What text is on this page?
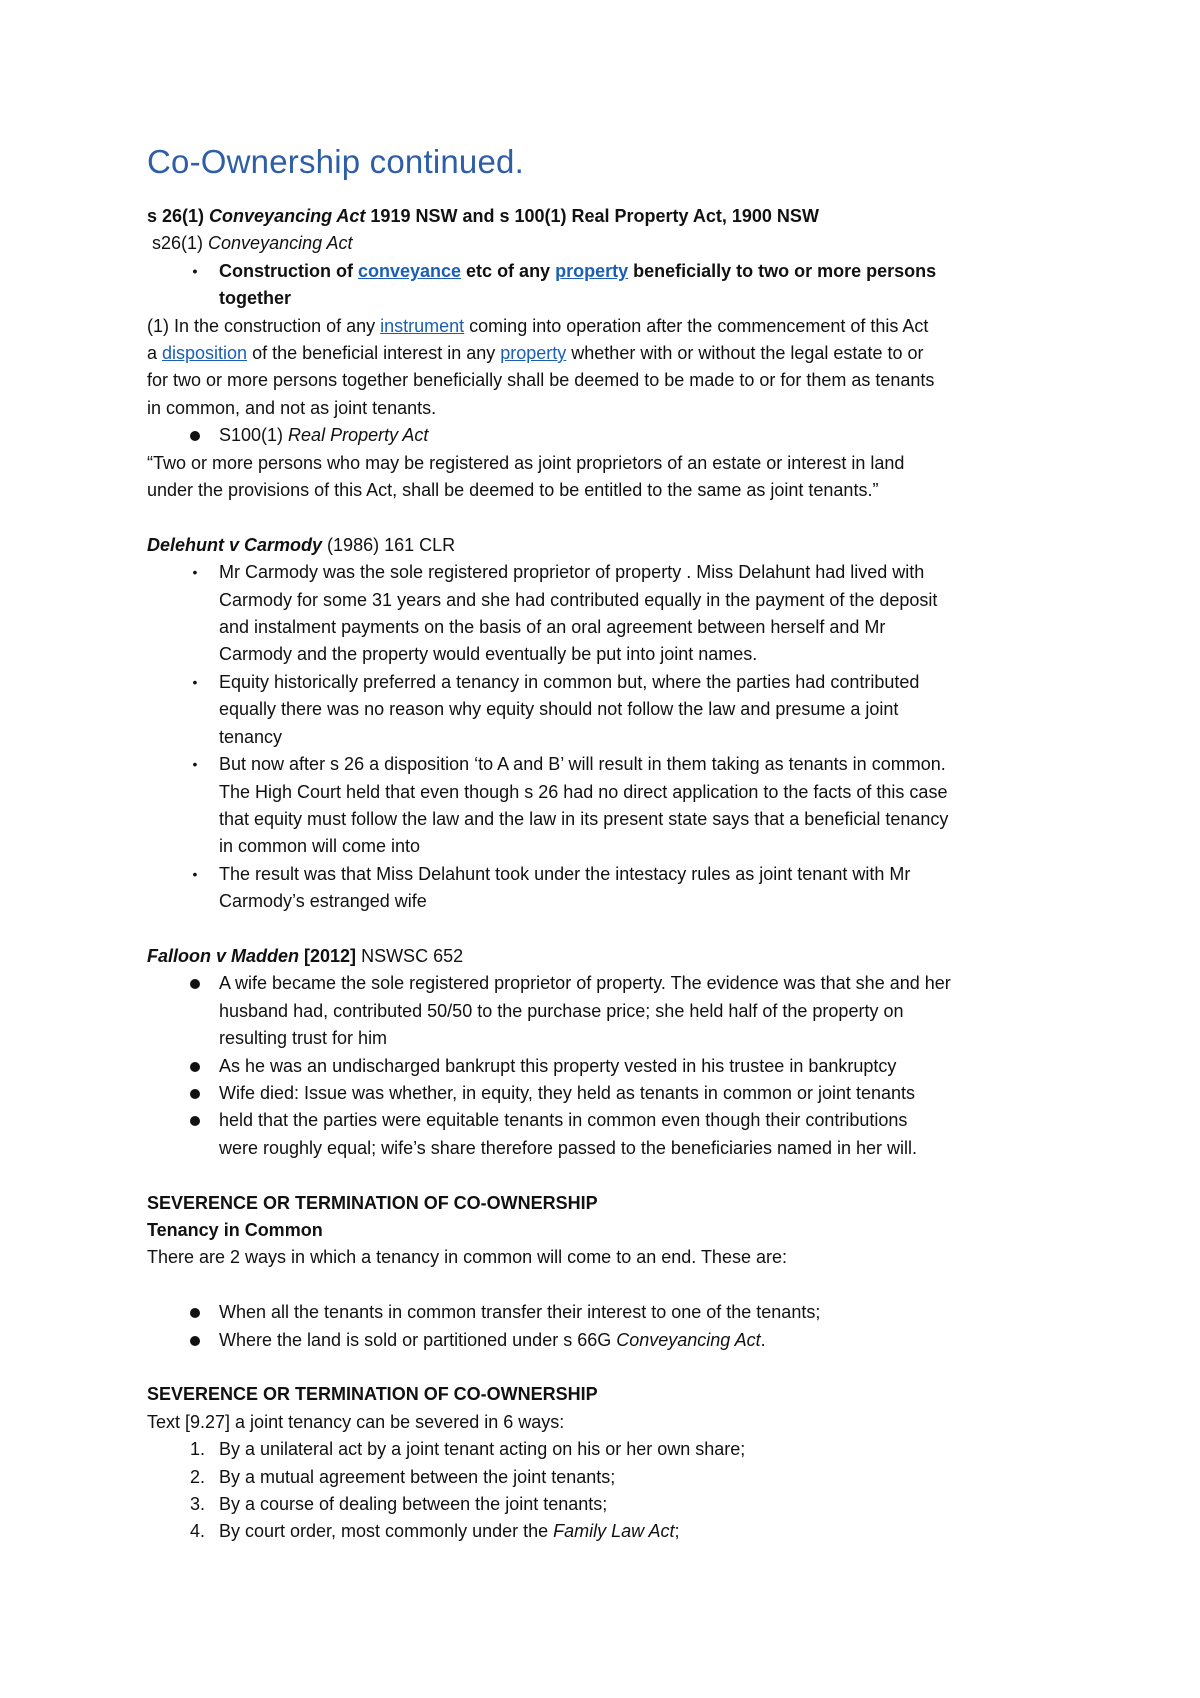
Co-Ownership continued.

s 26(1) Conveyancing Act 1919 NSW and s 100(1) Real Property Act, 1900 NSW

s26(1) Conveyancing Act

•	Construction of conveyance etc of any property beneficially to two or more persons

together

(1) In the construction of any instrument coming into operation after the commencement of this Act

a disposition of the beneficial interest in any property whether with or without the legal estate to or

for two or more persons together beneficially shall be deemed to be made to or for them as tenants

in common, and not as joint tenants.

S100(1) Real Property Act

“Two or more persons who may be registered as joint proprietors of an estate or interest in land

under the provisions of this Act, shall be deemed to be entitled to the same as joint tenants.”

Delehunt v Carmody (1986) 161 CLR

•	Mr Carmody was the sole registered proprietor of property . Miss Delahunt had lived with

Carmody for some 31 years and she had contributed equally in the payment of the deposit

and instalment payments on the basis of an oral agreement between herself and Mr

Carmody and the property would eventually be put into joint names.

•	Equity historically preferred a tenancy in common but, where the parties had contributed

equally there was no reason why equity should not follow the law and presume a joint

tenancy

•	But now after s 26 a disposition ‘to A and B’ will result in them taking as tenants in common.

The High Court held that even though s 26 had no direct application to the facts of this case

that equity must follow the law and the law in its present state says that a beneficial tenancy

in common will come into

•	The result was that Miss Delahunt took under the intestacy rules as joint tenant with Mr

Carmody’s estranged wife

Falloon v Madden [2012] NSWSC 652

A wife became the sole registered proprietor of property. The evidence was that she and her

husband had, contributed 50/50 to the purchase price; she held half of the property on

resulting trust for him

As he was an undischarged bankrupt this property vested in his trustee in bankruptcy

Wife died: Issue was whether, in equity, they held as tenants in common or joint tenants

held that the parties were equitable tenants in common even though their contributions

were roughly equal; wife’s share therefore passed to the beneficiaries named in her will.

SEVERENCE OR TERMINATION OF CO-OWNERSHIP

Tenancy in Common

There are 2 ways in which a tenancy in common will come to an end. These are:

When all the tenants in common transfer their interest to one of the tenants;

Where the land is sold or partitioned under s 66G Conveyancing Act.

SEVERENCE OR TERMINATION OF CO-OWNERSHIP

Text [9.27] a joint tenancy can be severed in 6 ways:

1. By a unilateral act by a joint tenant acting on his or her own share;

2. By a mutual agreement between the joint tenants;

3. By a course of dealing between the joint tenants;

4. By court order, most commonly under the Family Law Act;
